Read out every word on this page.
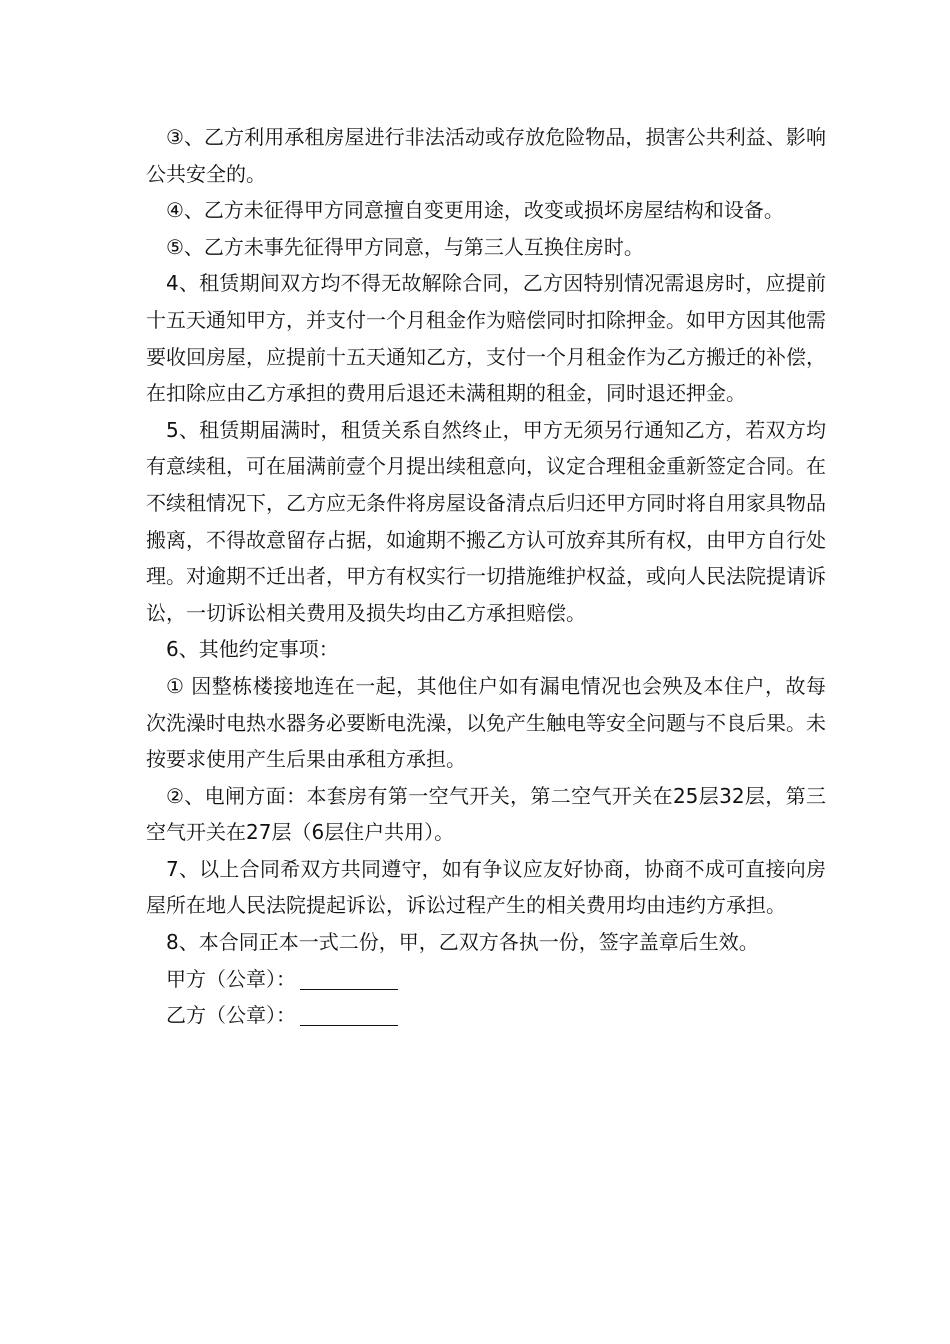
③、乙方利用承租房屋进行非法活动或存放危险物品，损害公共利益、影响公共安全的。

④、乙方未征得甲方同意擅自变更用途，改变或损坏房屋结构和设备。

⑤、乙方未事先征得甲方同意，与第三人互换住房时。

4、租赁期间双方均不得无故解除合同，乙方因特别情况需退房时，应提前十五天通知甲方，并支付一个月租金作为赔偿同时扣除押金。如甲方因其他需要收回房屋，应提前十五天通知乙方，支付一个月租金作为乙方搬迁的补偿，在扣除应由乙方承担的费用后退还未满租期的租金，同时退还押金。

5、租赁期届满时，租赁关系自然终止，甲方无须另行通知乙方，若双方均有意续租，可在届满前壹个月提出续租意向，议定合理租金重新签定合同。在不续租情况下，乙方应无条件将房屋设备清点后归还甲方同时将自用家具物品搬离，不得故意留存占据，如逾期不搬乙方认可放弃其所有权，由甲方自行处理。对逾期不迁出者，甲方有权实行一切措施维护权益，或向人民法院提请诉讼，一切诉讼相关费用及损失均由乙方承担赔偿。

6、其他约定事项：

① 因整栋楼接地连在一起，其他住户如有漏电情况也会殃及本住户，故每次洗澡时电热水器务必要断电洗澡，以免产生触电等安全问题与不良后果。未按要求使用产生后果由承租方承担。

②、电闸方面：本套房有第一空气开关，第二空气开关在25层32层，第三空气开关在27层（6层住户共用）。

7、以上合同希双方共同遵守，如有争议应友好协商，协商不成可直接向房屋所在地人民法院提起诉讼，诉讼过程产生的相关费用均由违约方承担。

8、本合同正本一式二份，甲，乙双方各执一份，签字盖章后生效。

甲方（公章）：
乙方（公章）：
